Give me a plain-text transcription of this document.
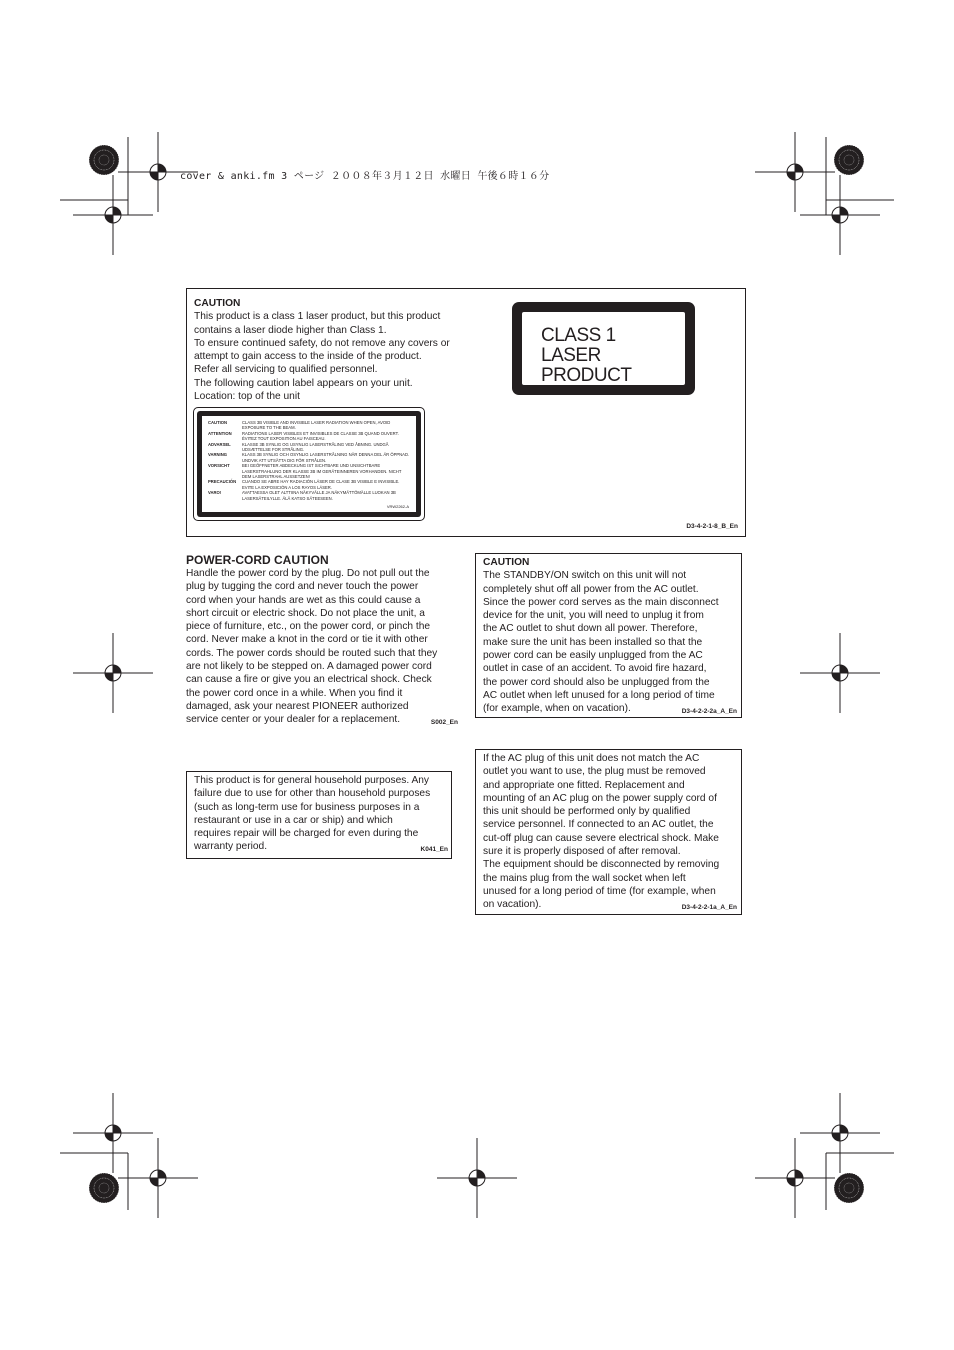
cover & anki.fm 3 ページ ２００８年３月１２日 水曜日 午後６時１６分

CAUTION

This product is a class 1 laser product, but this product

contains a laser diode higher than Class 1.

To ensure continued safety, do not remove any covers or

attempt to gain access to the inside of the product.

Refer all servicing to qualified personnel.

The following caution label appears on your unit.

Location: top of the unit

D3-4-2-1-8_B_En
CLASS 1
LASER PRODUCT
CAUTION	CLASS 3B VISIBLE AND INVISIBLE LASER RADIATION WHEN OPEN, AVOID EXPOSURE TO THE BEAM.
ATTENTION	RADIATIONS LASER VISIBLES ET INVISIBLES DE CLASSE 3B QUAND OUVERT. ÉVITEZ TOUT EXPOSITION AU FAISCEAU.
ADVARSEL	KLASSE 3B SYNLIG OG USYNLIG LASERSTRÅLING VED ÅBNING. UNDGÅ UDSÆTTELSE FOR STRÅLING.
VARNING	KLASS 3B SYNLIG OCH OSYNLIG LASERSTRÅLNING NÄR DENNA DEL ÄR ÖPPNAD. UNDVIK ATT UTSÄTTA DIG FÖR STRÅLEN.
VORSICHT	BEI GEÖFFNETER ABDECKUNG IST SICHTBARE UND UNSICHTBARE LASERSTRAHLUNG DER KLASSE 3B IM GERÄTEINNEREN VORHANDEN. NICHT DEM LASERSTRAHL AUSSETZEN!
PRECAUCIÓN	CUANDO SE ABRE HAY RADIACIÓN LÁSER DE CLASE 3B VISIBLE E INVISIBLE. EVITE LA EXPOSICIÓN A LOS RAYOS LÁSER.
VARO!	AVATTAESSA OLET ALTTIINA NÄKYVÄLLE JA NÄKYMÄTTÖMÄLLE LUOKAN 3B LASERSÄTEILYLLE. ÄLÄ KATSO SÄTEESEEN.
VRW2262-A

POWER-CORD CAUTION

Handle the power cord by the plug. Do not pull out the

plug by tugging the cord and never touch the power

cord when your hands are wet as this could cause a

short circuit or electric shock. Do not place the unit, a

piece of furniture, etc., on the power cord, or pinch the

cord. Never make a knot in the cord or tie it with other

cords. The power cords should be routed such that they

are not likely to be stepped on. A damaged power cord

can cause a fire or give you an electrical shock. Check

the power cord once in a while. When you find it

damaged, ask your nearest PIONEER authorized

service center or your dealer for a replacement.	S002_En

CAUTION

The STANDBY/ON switch on this unit will not

completely shut off all power from the AC outlet.

Since the power cord serves as the main disconnect

device for the unit, you will need to unplug it from

the AC outlet to shut down all power. Therefore,

make sure the unit has been installed so that the

power cord can be easily unplugged from the AC

outlet in case of an accident. To avoid fire hazard,

the power cord should also be unplugged from the

AC outlet when left unused for a long period of time

(for example, when on vacation).	D3-4-2-2-2a_A_En

This product is for general household purposes. Any

failure due to use for other than household purposes

(such as long-term use for business purposes in a

restaurant or use in a car or ship) and which

requires repair will be charged for even during the

warranty period.	K041_En

If the AC plug of this unit does not match the AC

outlet you want to use, the plug must be removed

and appropriate one fitted. Replacement and

mounting of an AC plug on the power supply cord of

this unit should be performed only by qualified

service personnel. If connected to an AC outlet, the

cut-off plug can cause severe electrical shock. Make

sure it is properly disposed of after removal.

The equipment should be disconnected by removing

the mains plug from the wall socket when left

unused for a long period of time (for example, when

on vacation).	D3-4-2-2-1a_A_En
